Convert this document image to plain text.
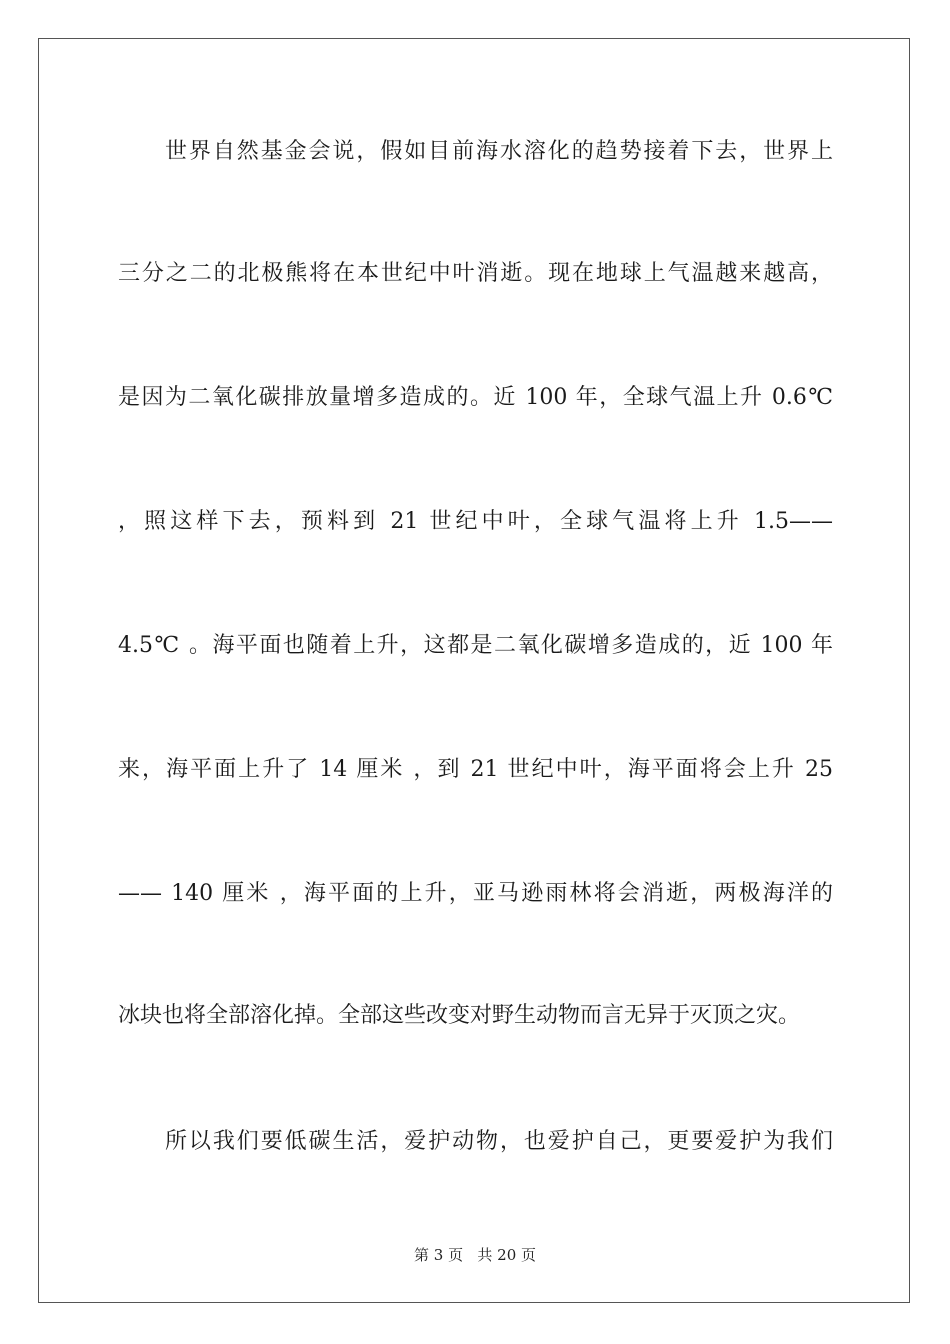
世界自然基金会说，假如目前海水溶化的趋势接着下去，世界上
三分之二的北极熊将在本世纪中叶消逝。现在地球上气温越来越高，
是因为二氧化碳排放量增多造成的。近 100 年，全球气温上升 0.6℃
，照这样下去，预料到 21 世纪中叶，全球气温将上升 1.5——
4.5℃ 。海平面也随着上升，这都是二氧化碳增多造成的，近 100 年
来，海平面上升了 14 厘米 ，到 21 世纪中叶，海平面将会上升 25
—— 140 厘米 ，海平面的上升，亚马逊雨林将会消逝，两极海洋的
冰块也将全部溶化掉。全部这些改变对野生动物而言无异于灭顶之灾。
所以我们要低碳生活，爱护动物，也爱护自己，更要爱护为我们
第 3 页 共 20 页
